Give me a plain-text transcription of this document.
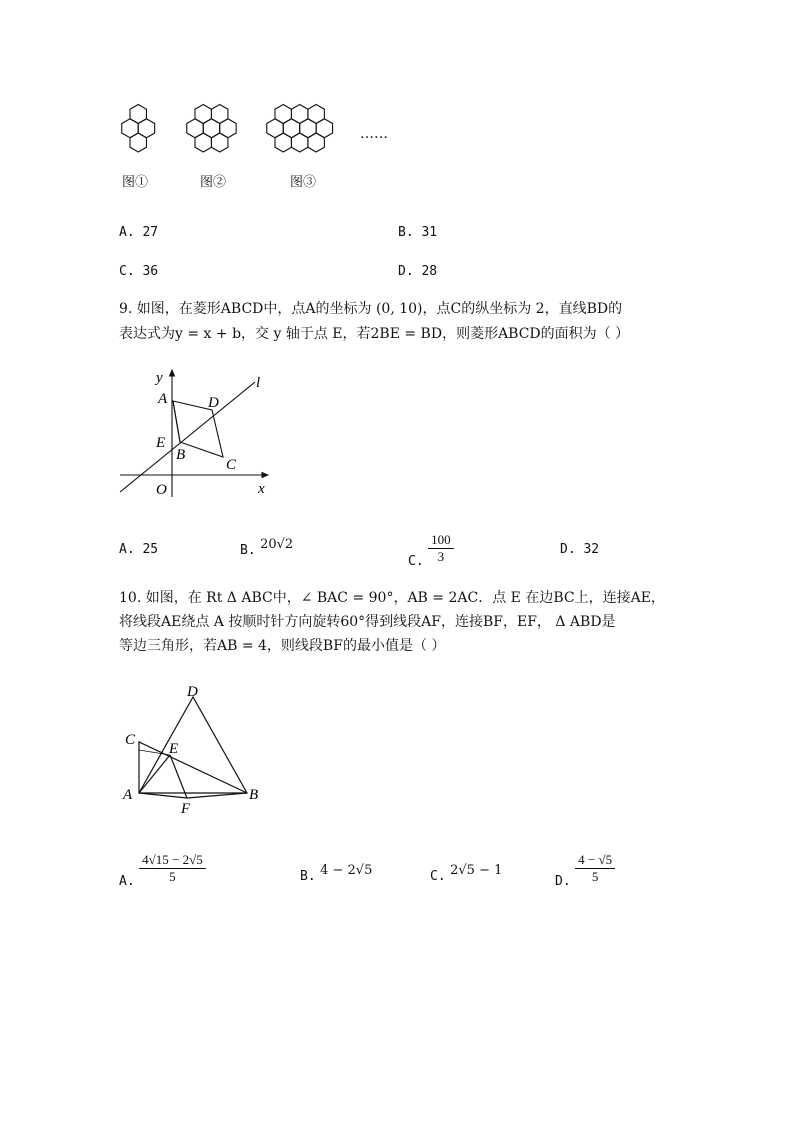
……
图①	图②	图③
A. 27	B. 31
C. 36	D. 28
9. 如图，在菱形ABCD中，点A的坐标为 (0, 10)，点C的纵坐标为 2，直线BD的
表达式为y = x + b，交 y 轴于点 E，若2BE = BD，则菱形ABCD的面积为（ ）
y
x
l
A	D
E
B
C
O
A. 25	B. 20√2
C. $\frac{100}{3}$	D. 32
10. 如图，在 Rt Δ ABC中，∠ BAC = 90°，AB = 2AC．点 E 在边BC上，连接AE，
将线段AE绕点 A 按顺时针方向旋转60°得到线段AF，连接BF，EF， Δ ABD是
等边三角形，若AB = 4，则线段BF的最小值是（ ）
D
C
E
A	B
F
A. $\frac{4√15 - 2√5}{5}$	B. 4 − 2√5	C. 2√5 − 1
D. $\frac{4 - √5}{5}$
